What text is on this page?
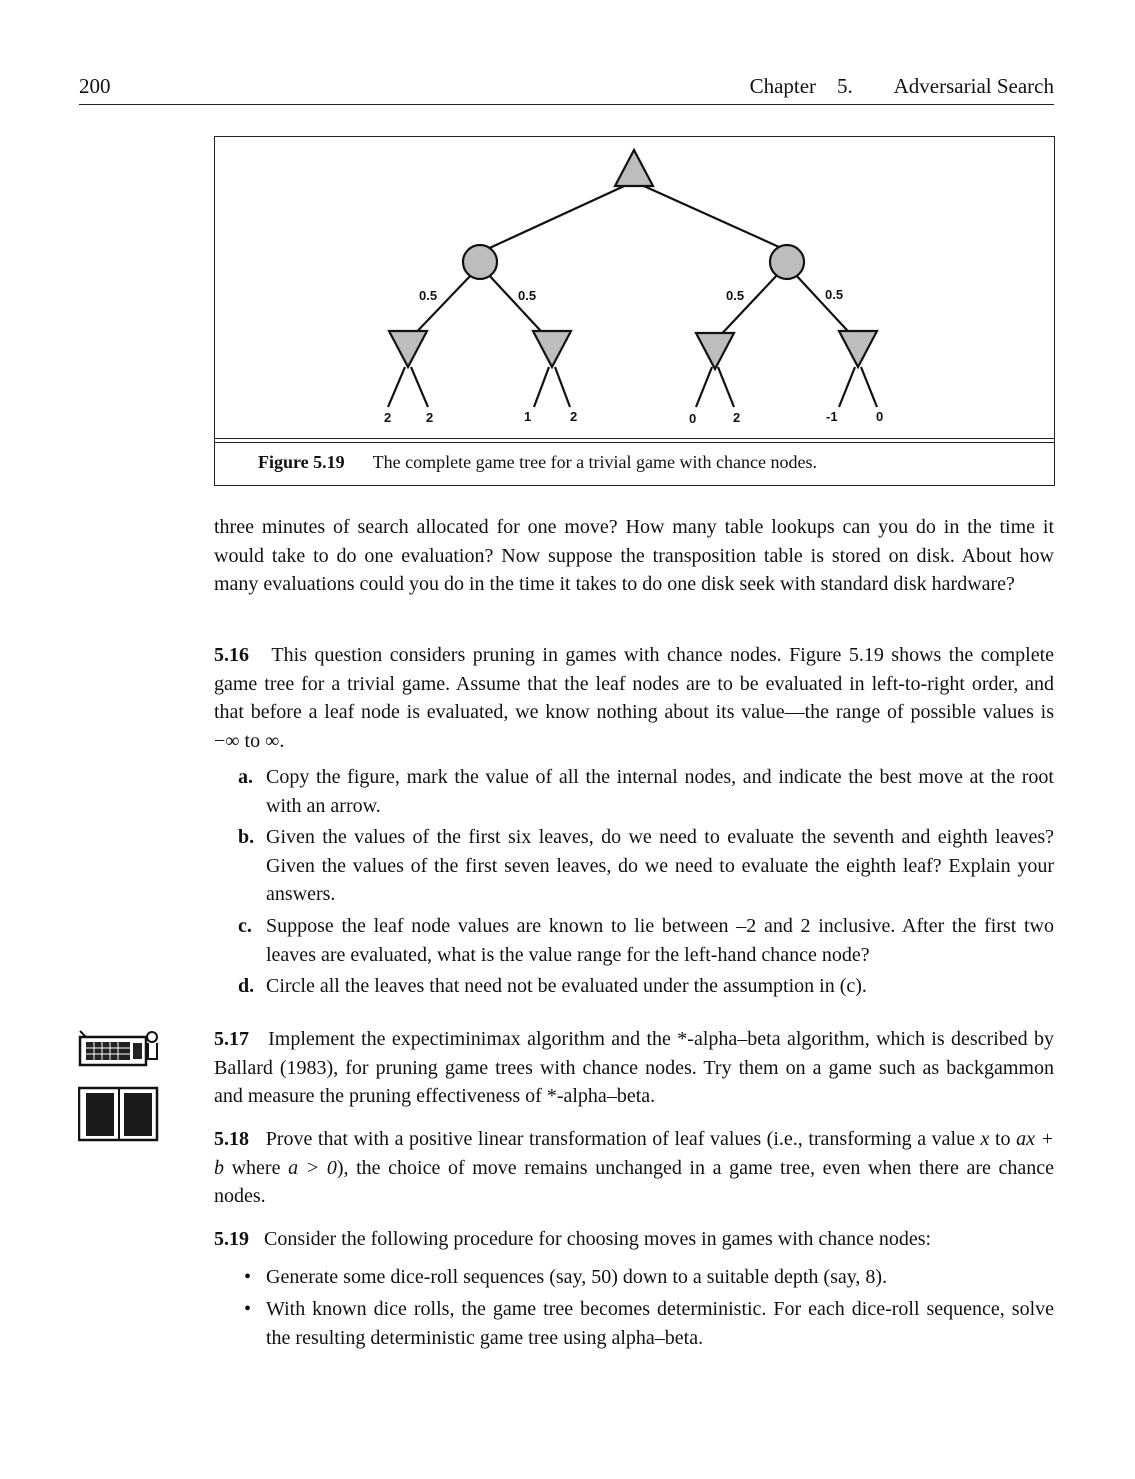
200	Chapter    5.        Adversarial Search
0.5	0.5	0.5	0.5
2	2	1	2	0	2	-1	0
Figure 5.19 The complete game tree for a trivial game with chance nodes.
three minutes of search allocated for one move? How many table lookups can you do in the time it would take to do one evaluation? Now suppose the transposition table is stored on disk. About how many evaluations could you do in the time it takes to do one disk seek with standard disk hardware?
5.16 This question considers pruning in games with chance nodes. Figure 5.19 shows the complete game tree for a trivial game. Assume that the leaf nodes are to be evaluated in left-to-right order, and that before a leaf node is evaluated, we know nothing about its value—the range of possible values is −∞ to ∞.
a. Copy the figure, mark the value of all the internal nodes, and indicate the best move at the root with an arrow.
b. Given the values of the first six leaves, do we need to evaluate the seventh and eighth leaves? Given the values of the first seven leaves, do we need to evaluate the eighth leaf? Explain your answers.
c. Suppose the leaf node values are known to lie between –2 and 2 inclusive. After the first two leaves are evaluated, what is the value range for the left-hand chance node?
d. Circle all the leaves that need not be evaluated under the assumption in (c).
5.17 Implement the expectiminimax algorithm and the *-alpha–beta algorithm, which is described by Ballard (1983), for pruning game trees with chance nodes. Try them on a game such as backgammon and measure the pruning effectiveness of *-alpha–beta.
5.18 Prove that with a positive linear transformation of leaf values (i.e., transforming a value x to ax + b where a > 0), the choice of move remains unchanged in a game tree, even when there are chance nodes.
5.19 Consider the following procedure for choosing moves in games with chance nodes:
• Generate some dice-roll sequences (say, 50) down to a suitable depth (say, 8).
• With known dice rolls, the game tree becomes deterministic. For each dice-roll sequence, solve the resulting deterministic game tree using alpha–beta.
